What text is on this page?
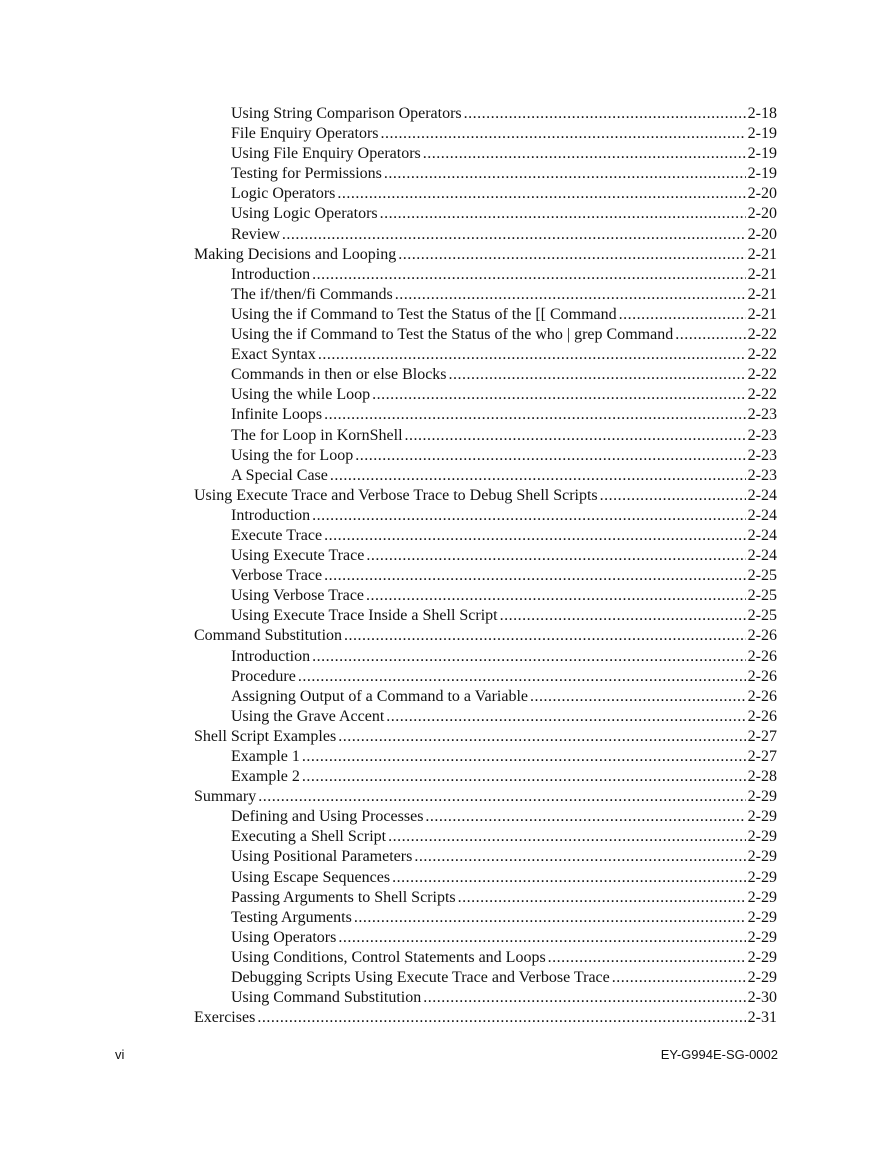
Using String Comparison Operators .....	2-18
File Enquiry Operators .....	2-19
Using File Enquiry Operators .....	2-19
Testing for Permissions .....	2-19
Logic Operators .....	2-20
Using Logic Operators .....	2-20
Review .....	2-20
Making Decisions and Looping .....	2-21
Introduction .....	2-21
The if/then/fi Commands .....	2-21
Using the if Command to Test the Status of the [[ Command .....	2-21
Using the if Command to Test the Status of the who | grep Command .....	2-22
Exact Syntax .....	2-22
Commands in then or else Blocks .....	2-22
Using the while Loop .....	2-22
Infinite Loops .....	2-23
The for Loop in KornShell .....	2-23
Using the for Loop .....	2-23
A Special Case .....	2-23
Using Execute Trace and Verbose Trace to Debug Shell Scripts .....	2-24
Introduction .....	2-24
Execute Trace .....	2-24
Using Execute Trace .....	2-24
Verbose Trace .....	2-25
Using Verbose Trace .....	2-25
Using Execute Trace Inside a Shell Script .....	2-25
Command Substitution .....	2-26
Introduction .....	2-26
Procedure .....	2-26
Assigning Output of a Command to a Variable .....	2-26
Using the Grave Accent .....	2-26
Shell Script Examples .....	2-27
Example 1 .....	2-27
Example 2 .....	2-28
Summary .....	2-29
Defining and Using Processes .....	2-29
Executing a Shell Script .....	2-29
Using Positional Parameters .....	2-29
Using Escape Sequences .....	2-29
Passing Arguments to Shell Scripts .....	2-29
Testing Arguments .....	2-29
Using Operators .....	2-29
Using Conditions, Control Statements and Loops .....	2-29
Debugging Scripts Using Execute Trace and Verbose Trace .....	2-29
Using Command Substitution .....	2-30
Exercises .....	2-31
vi	EY-G994E-SG-0002
